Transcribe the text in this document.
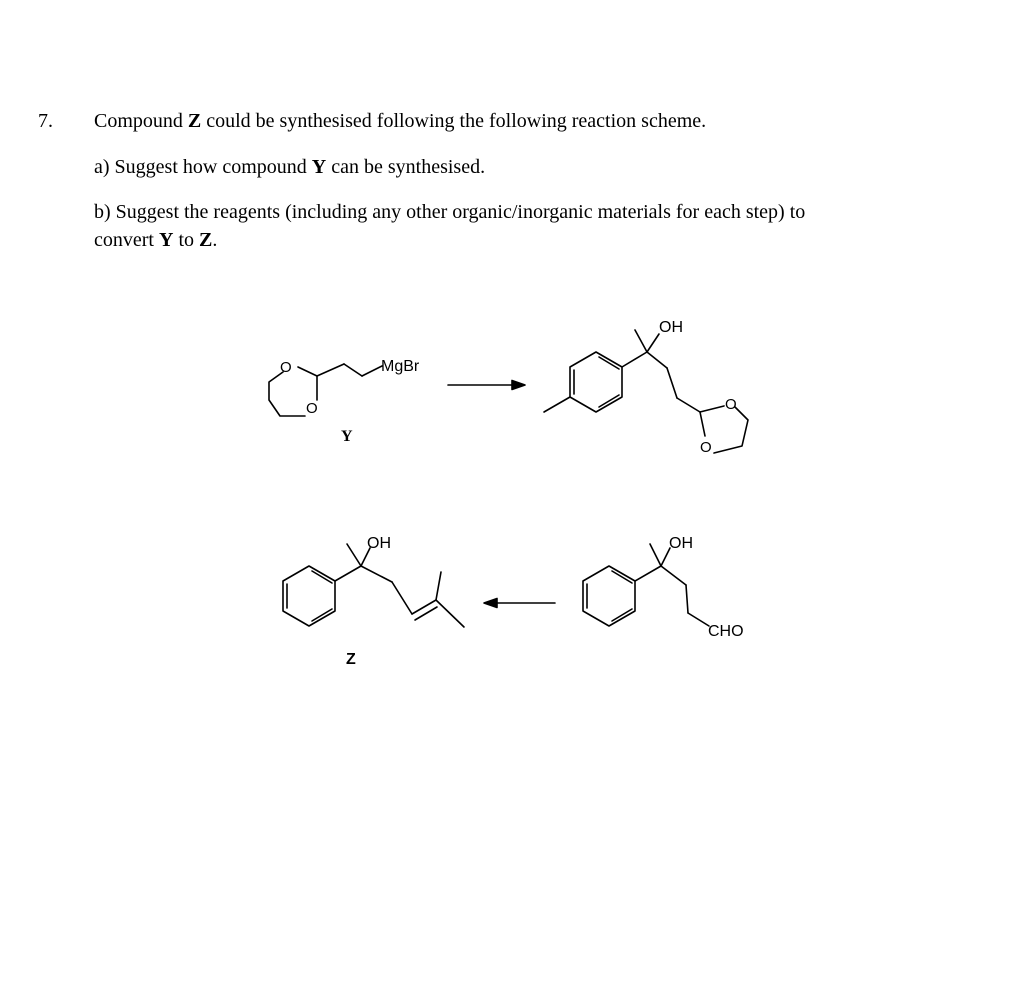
7. Compound Z could be synthesised following the following reaction scheme.
a) Suggest how compound Y can be synthesised.
b) Suggest the reagents (including any other organic/inorganic materials for each step) to
convert Y to Z.
O
O
MgBr
OH
O
O
OH	OH
CHO
Z
Y
